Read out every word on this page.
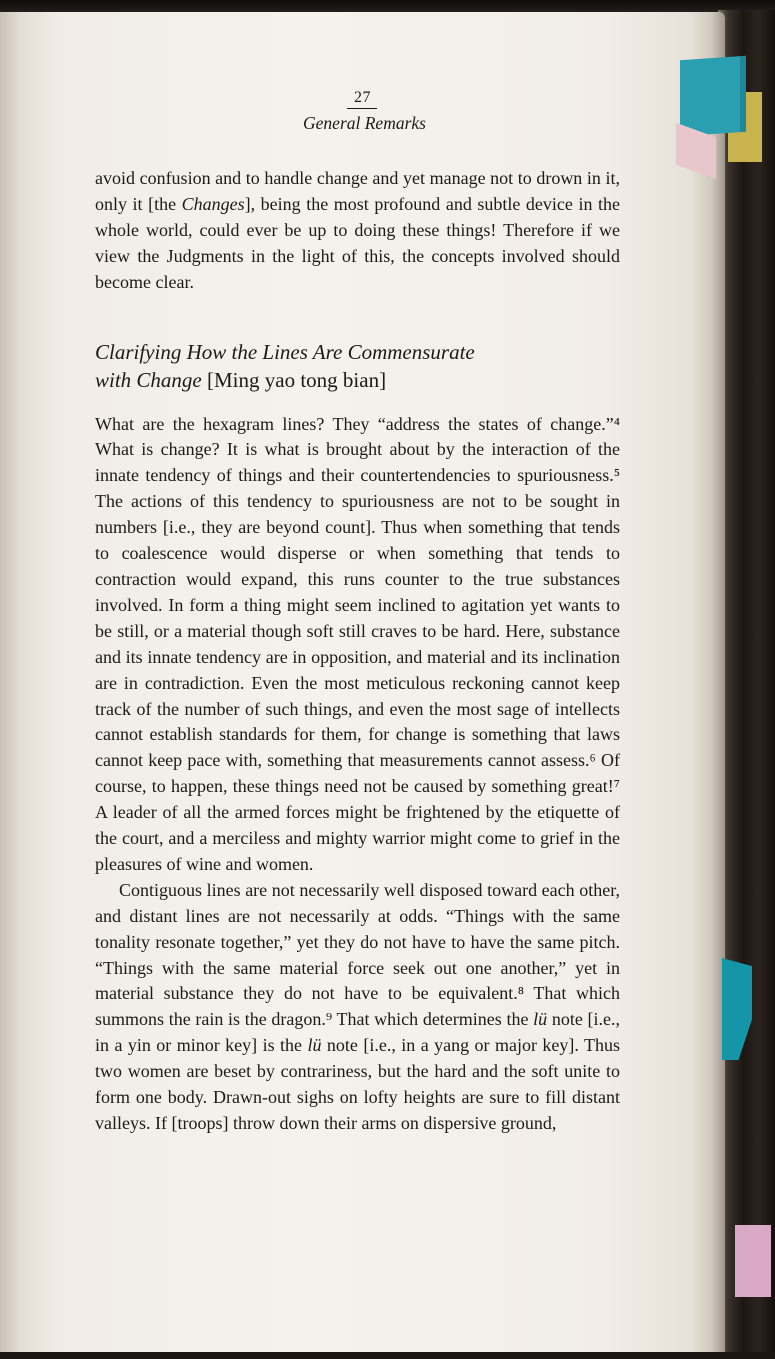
27
General Remarks

avoid confusion and to handle change and yet manage not to drown in it, only it [the Changes], being the most profound and subtle device in the whole world, could ever be up to doing these things! Therefore if we view the Judgments in the light of this, the concepts involved should become clear.

Clarifying How the Lines Are Commensurate
with Change [Ming yao tong bian]

What are the hexagram lines? They “address the states of change.”⁴ What is change? It is what is brought about by the interaction of the innate tendency of things and their countertendencies to spuriousness.⁵ The actions of this tendency to spuriousness are not to be sought in numbers [i.e., they are beyond count]. Thus when something that tends to coalescence would disperse or when something that tends to contraction would expand, this runs counter to the true substances involved. In form a thing might seem inclined to agitation yet wants to be still, or a material though soft still craves to be hard. Here, substance and its innate tendency are in opposition, and material and its inclination are in contradiction. Even the most meticulous reckoning cannot keep track of the number of such things, and even the most sage of intellects cannot establish standards for them, for change is something that laws cannot keep pace with, something that measurements cannot assess.⁶ Of course, to happen, these things need not be caused by something great!⁷ A leader of all the armed forces might be frightened by the etiquette of the court, and a merciless and mighty warrior might come to grief in the pleasures of wine and women.

Contiguous lines are not necessarily well disposed toward each other, and distant lines are not necessarily at odds. “Things with the same tonality resonate together,” yet they do not have to have the same pitch. “Things with the same material force seek out one another,” yet in material substance they do not have to be equivalent.⁸ That which summons the rain is the dragon.⁹ That which determines the lü note [i.e., in a yin or minor key] is the lü note [i.e., in a yang or major key]. Thus two women are beset by contrariness, but the hard and the soft unite to form one body. Drawn-out sighs on lofty heights are sure to fill distant valleys. If [troops] throw down their arms on dispersive ground,
